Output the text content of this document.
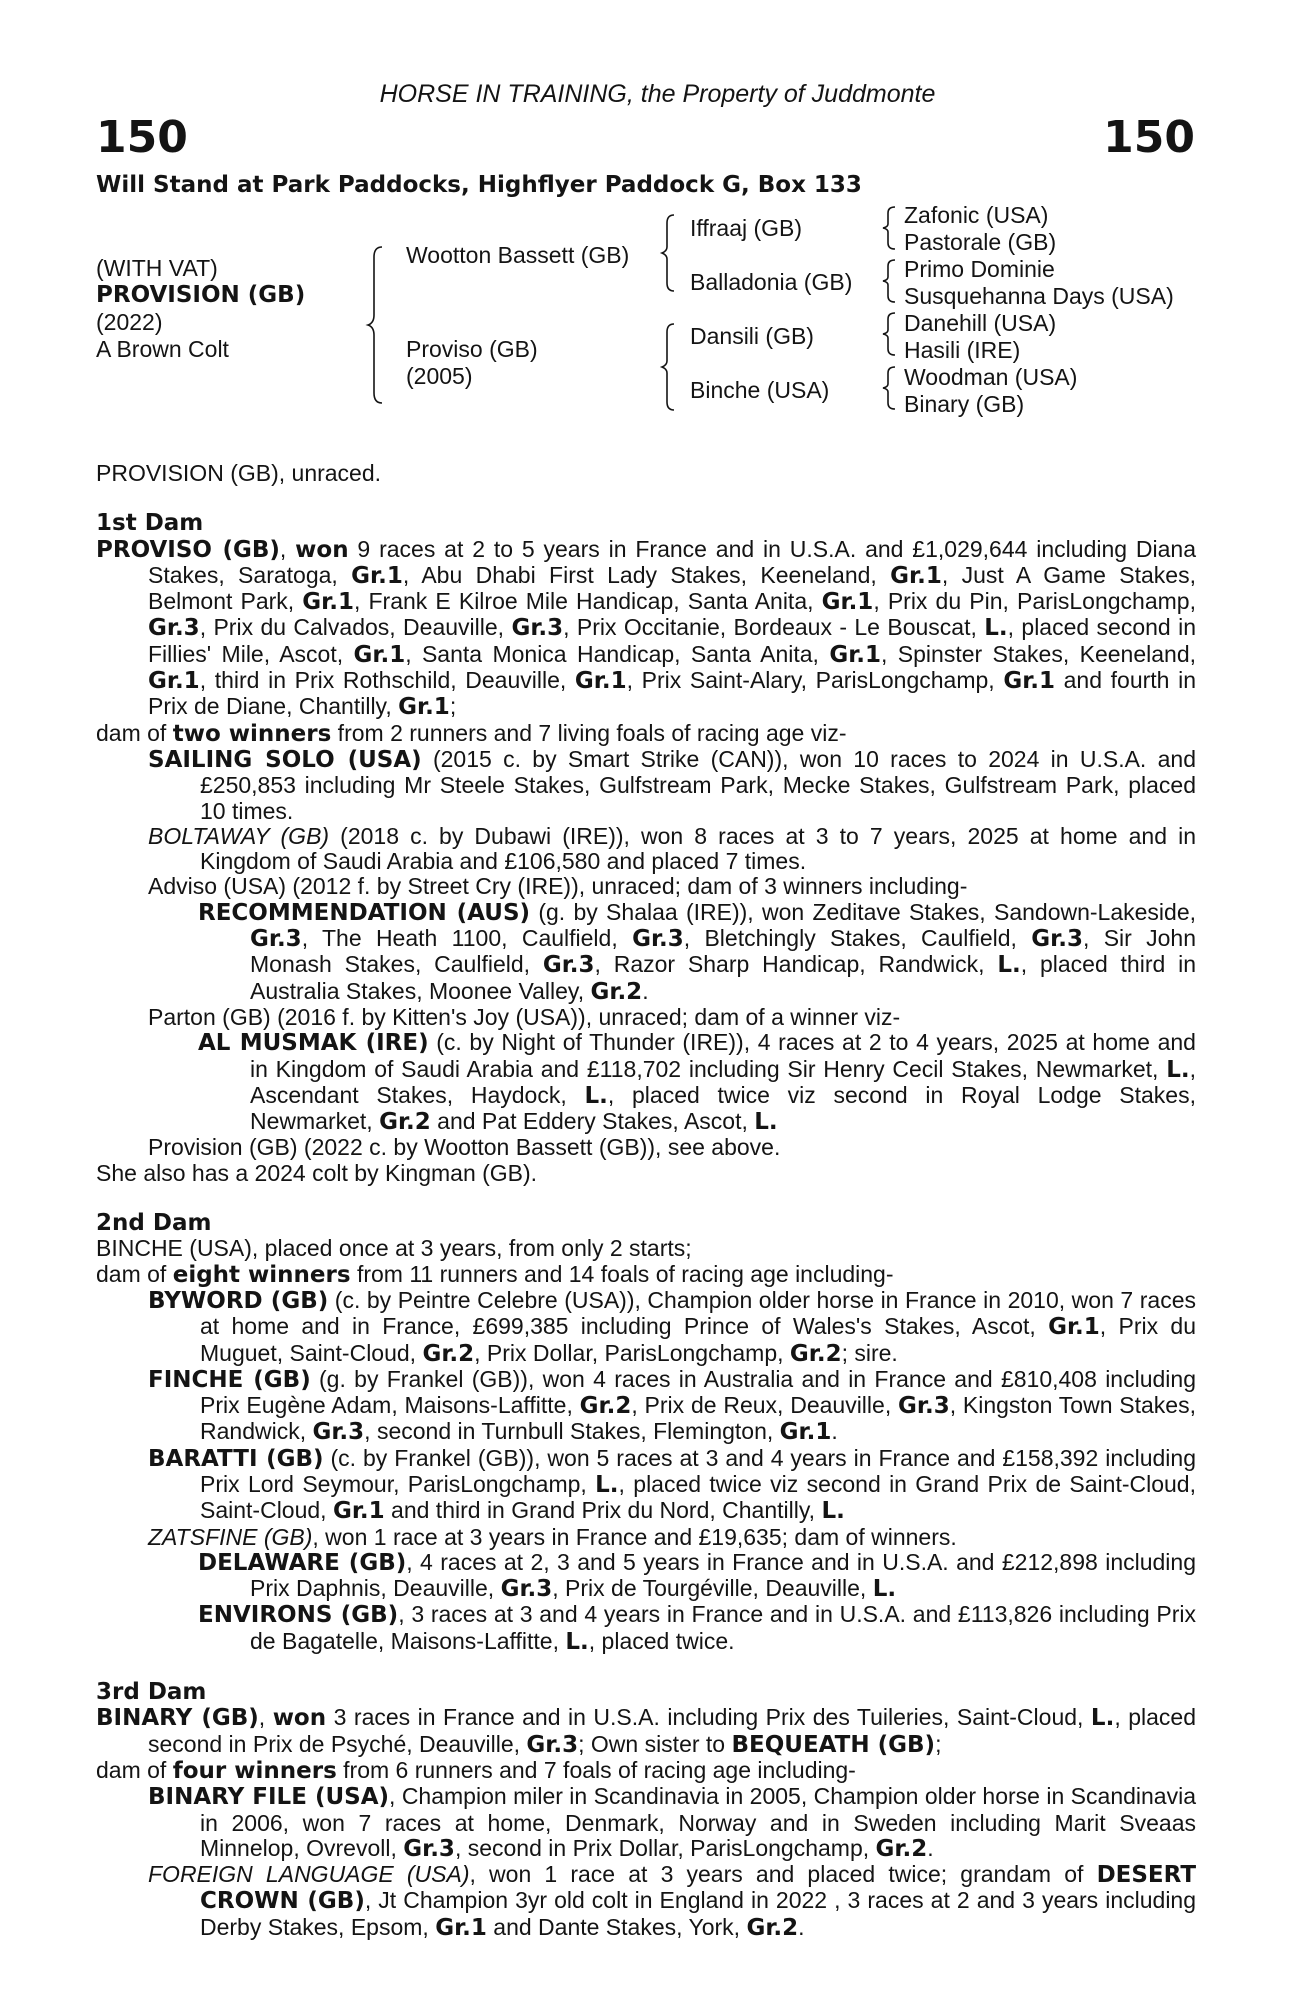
HORSE IN TRAINING, the Property of Juddmonte
150	150
Will Stand at Park Paddocks, Highflyer Paddock G, Box 133
(WITH VAT)
PROVISION (GB)
(2022)
A Brown Colt
Wootton Bassett (GB)
Proviso (GB)
(2005)
Iffraaj (GB)
Balladonia (GB)
Dansili (GB)
Binche (USA)
Zafonic (USA)
Pastorale (GB)
Primo Dominie
Susquehanna Days (USA)
Danehill (USA)
Hasili (IRE)
Woodman (USA)
Binary (GB)

PROVISION (GB), unraced.

1st Dam

PROVISO (GB), won 9 races at 2 to 5 years in France and in U.S.A. and £1,029,644 including Diana Stakes, Saratoga, Gr.1, Abu Dhabi First Lady Stakes, Keeneland, Gr.1, Just A Game Stakes, Belmont Park, Gr.1, Frank E Kilroe Mile Handicap, Santa Anita, Gr.1, Prix du Pin, ParisLongchamp, Gr.3, Prix du Calvados, Deauville, Gr.3, Prix Occitanie, Bordeaux - Le Bouscat, L., placed second in Fillies' Mile, Ascot, Gr.1, Santa Monica Handicap, Santa Anita, Gr.1, Spinster Stakes, Keeneland, Gr.1, third in Prix Rothschild, Deauville, Gr.1, Prix Saint-Alary, ParisLongchamp, Gr.1 and fourth in Prix de Diane, Chantilly, Gr.1;

dam of two winners from 2 runners and 7 living foals of racing age viz-

SAILING SOLO (USA) (2015 c. by Smart Strike (CAN)), won 10 races to 2024 in U.S.A. and £250,853 including Mr Steele Stakes, Gulfstream Park, Mecke Stakes, Gulfstream Park, placed 10 times.

BOLTAWAY (GB) (2018 c. by Dubawi (IRE)), won 8 races at 3 to 7 years, 2025 at home and in Kingdom of Saudi Arabia and £106,580 and placed 7 times.

Adviso (USA) (2012 f. by Street Cry (IRE)), unraced; dam of 3 winners including-

RECOMMENDATION (AUS) (g. by Shalaa (IRE)), won Zeditave Stakes, Sandown-Lakeside, Gr.3, The Heath 1100, Caulfield, Gr.3, Bletchingly Stakes, Caulfield, Gr.3, Sir John Monash Stakes, Caulfield, Gr.3, Razor Sharp Handicap, Randwick, L., placed third in Australia Stakes, Moonee Valley, Gr.2.

Parton (GB) (2016 f. by Kitten's Joy (USA)), unraced; dam of a winner viz-

AL MUSMAK (IRE) (c. by Night of Thunder (IRE)), 4 races at 2 to 4 years, 2025 at home and in Kingdom of Saudi Arabia and £118,702 including Sir Henry Cecil Stakes, Newmarket, L., Ascendant Stakes, Haydock, L., placed twice viz second in Royal Lodge Stakes, Newmarket, Gr.2 and Pat Eddery Stakes, Ascot, L.

Provision (GB) (2022 c. by Wootton Bassett (GB)), see above.

She also has a 2024 colt by Kingman (GB).

2nd Dam

BINCHE (USA), placed once at 3 years, from only 2 starts;

dam of eight winners from 11 runners and 14 foals of racing age including-

BYWORD (GB) (c. by Peintre Celebre (USA)), Champion older horse in France in 2010, won 7 races at home and in France, £699,385 including Prince of Wales's Stakes, Ascot, Gr.1, Prix du Muguet, Saint-Cloud, Gr.2, Prix Dollar, ParisLongchamp, Gr.2; sire.

FINCHE (GB) (g. by Frankel (GB)), won 4 races in Australia and in France and £810,408 including Prix Eugène Adam, Maisons-Laffitte, Gr.2, Prix de Reux, Deauville, Gr.3, Kingston Town Stakes, Randwick, Gr.3, second in Turnbull Stakes, Flemington, Gr.1.

BARATTI (GB) (c. by Frankel (GB)), won 5 races at 3 and 4 years in France and £158,392 including Prix Lord Seymour, ParisLongchamp, L., placed twice viz second in Grand Prix de Saint-Cloud, Saint-Cloud, Gr.1 and third in Grand Prix du Nord, Chantilly, L.

ZATSFINE (GB), won 1 race at 3 years in France and £19,635; dam of winners.

DELAWARE (GB), 4 races at 2, 3 and 5 years in France and in U.S.A. and £212,898 including Prix Daphnis, Deauville, Gr.3, Prix de Tourgéville, Deauville, L.

ENVIRONS (GB), 3 races at 3 and 4 years in France and in U.S.A. and £113,826 including Prix de Bagatelle, Maisons-Laffitte, L., placed twice.

3rd Dam

BINARY (GB), won 3 races in France and in U.S.A. including Prix des Tuileries, Saint-Cloud, L., placed second in Prix de Psyché, Deauville, Gr.3; Own sister to BEQUEATH (GB);

dam of four winners from 6 runners and 7 foals of racing age including-

BINARY FILE (USA), Champion miler in Scandinavia in 2005, Champion older horse in Scandinavia in 2006, won 7 races at home, Denmark, Norway and in Sweden including Marit Sveaas Minnelop, Ovrevoll, Gr.3, second in Prix Dollar, ParisLongchamp, Gr.2.

FOREIGN LANGUAGE (USA), won 1 race at 3 years and placed twice; grandam of DESERT CROWN (GB), Jt Champion 3yr old colt in England in 2022 , 3 races at 2 and 3 years including Derby Stakes, Epsom, Gr.1 and Dante Stakes, York, Gr.2.
